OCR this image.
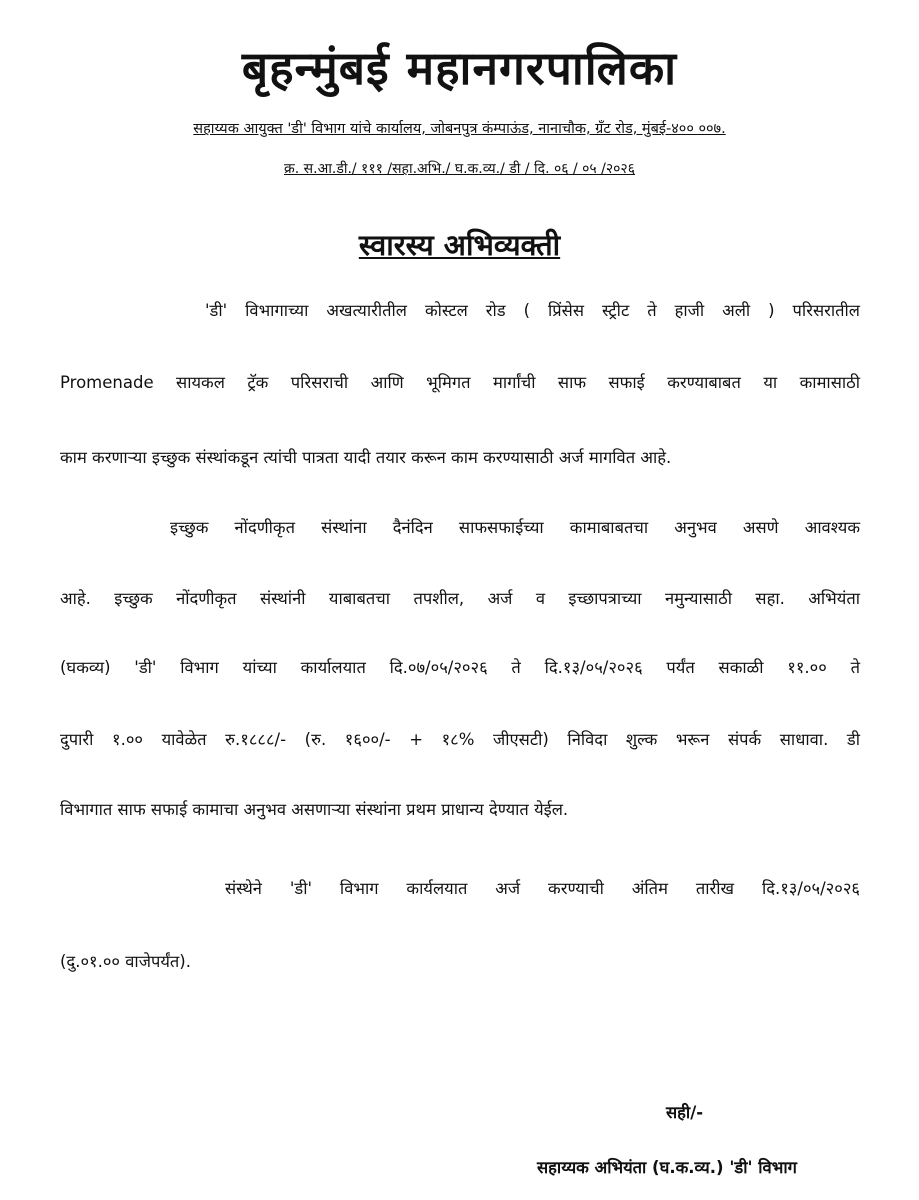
बृहन्मुंबई महानगरपालिका
सहाय्यक आयुक्त 'डी' विभाग यांचे कार्यालय, जोबनपुत्र कंम्पाऊंड, नानाचौक, ग्रँट रोड, मुंबई-४०० ००७.
क्र. स.आ.डी./ १११ /सहा.अभि./ घ.क.व्य./ डी / दि. ०६ / ०५ /२०२६
स्वारस्य अभिव्यक्ती
'डी' विभागाच्या अखत्यारीतील कोस्टल रोड ( प्रिंसेस स्ट्रीट ते हाजी अली ) परिसरातील
Promenade सायकल ट्रॅक परिसराची आणि भूमिगत मार्गांची साफ सफाई करण्याबाबत या कामासाठी
काम करणाऱ्या इच्छुक संस्थांकडून त्यांची पात्रता यादी तयार करून काम करण्यासाठी अर्ज मागवित आहे.
इच्छुक नोंदणीकृत संस्थांना दैनंदिन साफसफाईच्या कामाबाबतचा अनुभव असणे आवश्यक
आहे. इच्छुक नोंदणीकृत संस्थांनी याबाबतचा तपशील, अर्ज व इच्छापत्राच्या नमुन्यासाठी सहा. अभियंता
(घकव्य) 'डी' विभाग यांच्या कार्यालयात दि.०७/०५/२०२६ ते दि.१३/०५/२०२६ पर्यंत सकाळी ११.०० ते
दुपारी १.०० यावेळेत रु.१८८८/- (रु. १६००/- + १८% जीएसटी) निविदा शुल्क भरून संपर्क साधावा. डी
विभागात साफ सफाई कामाचा अनुभव असणाऱ्या संस्थांना प्रथम प्राधान्य देण्यात येईल.
संस्थेने 'डी' विभाग कार्यलयात अर्ज करण्याची अंतिम तारीख दि.१३/०५/२०२६
(दु.०१.०० वाजेपर्यंत).
सही/-
सहाय्यक अभियंता (घ.क.व्य.) 'डी' विभाग
